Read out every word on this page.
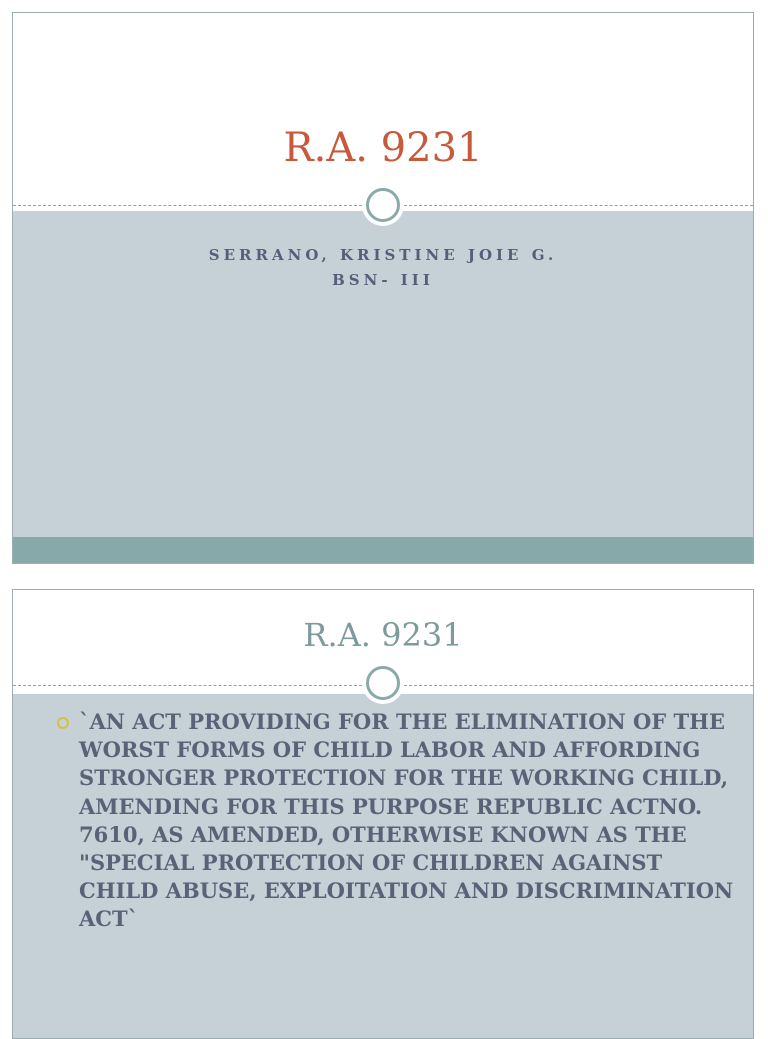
R.A. 9231
SERRANO, KRISTINE JOIE G.
BSN- III
R.A. 9231
`AN ACT PROVIDING FOR THE ELIMINATION OF THE WORST FORMS OF CHILD LABOR AND AFFORDING STRONGER PROTECTION FOR THE WORKING CHILD, AMENDING FOR THIS PURPOSE REPUBLIC ACTNO. 7610, AS AMENDED, OTHERWISE KNOWN AS THE "SPECIAL PROTECTION OF CHILDREN AGAINST CHILD ABUSE, EXPLOITATION AND DISCRIMINATION ACT`
